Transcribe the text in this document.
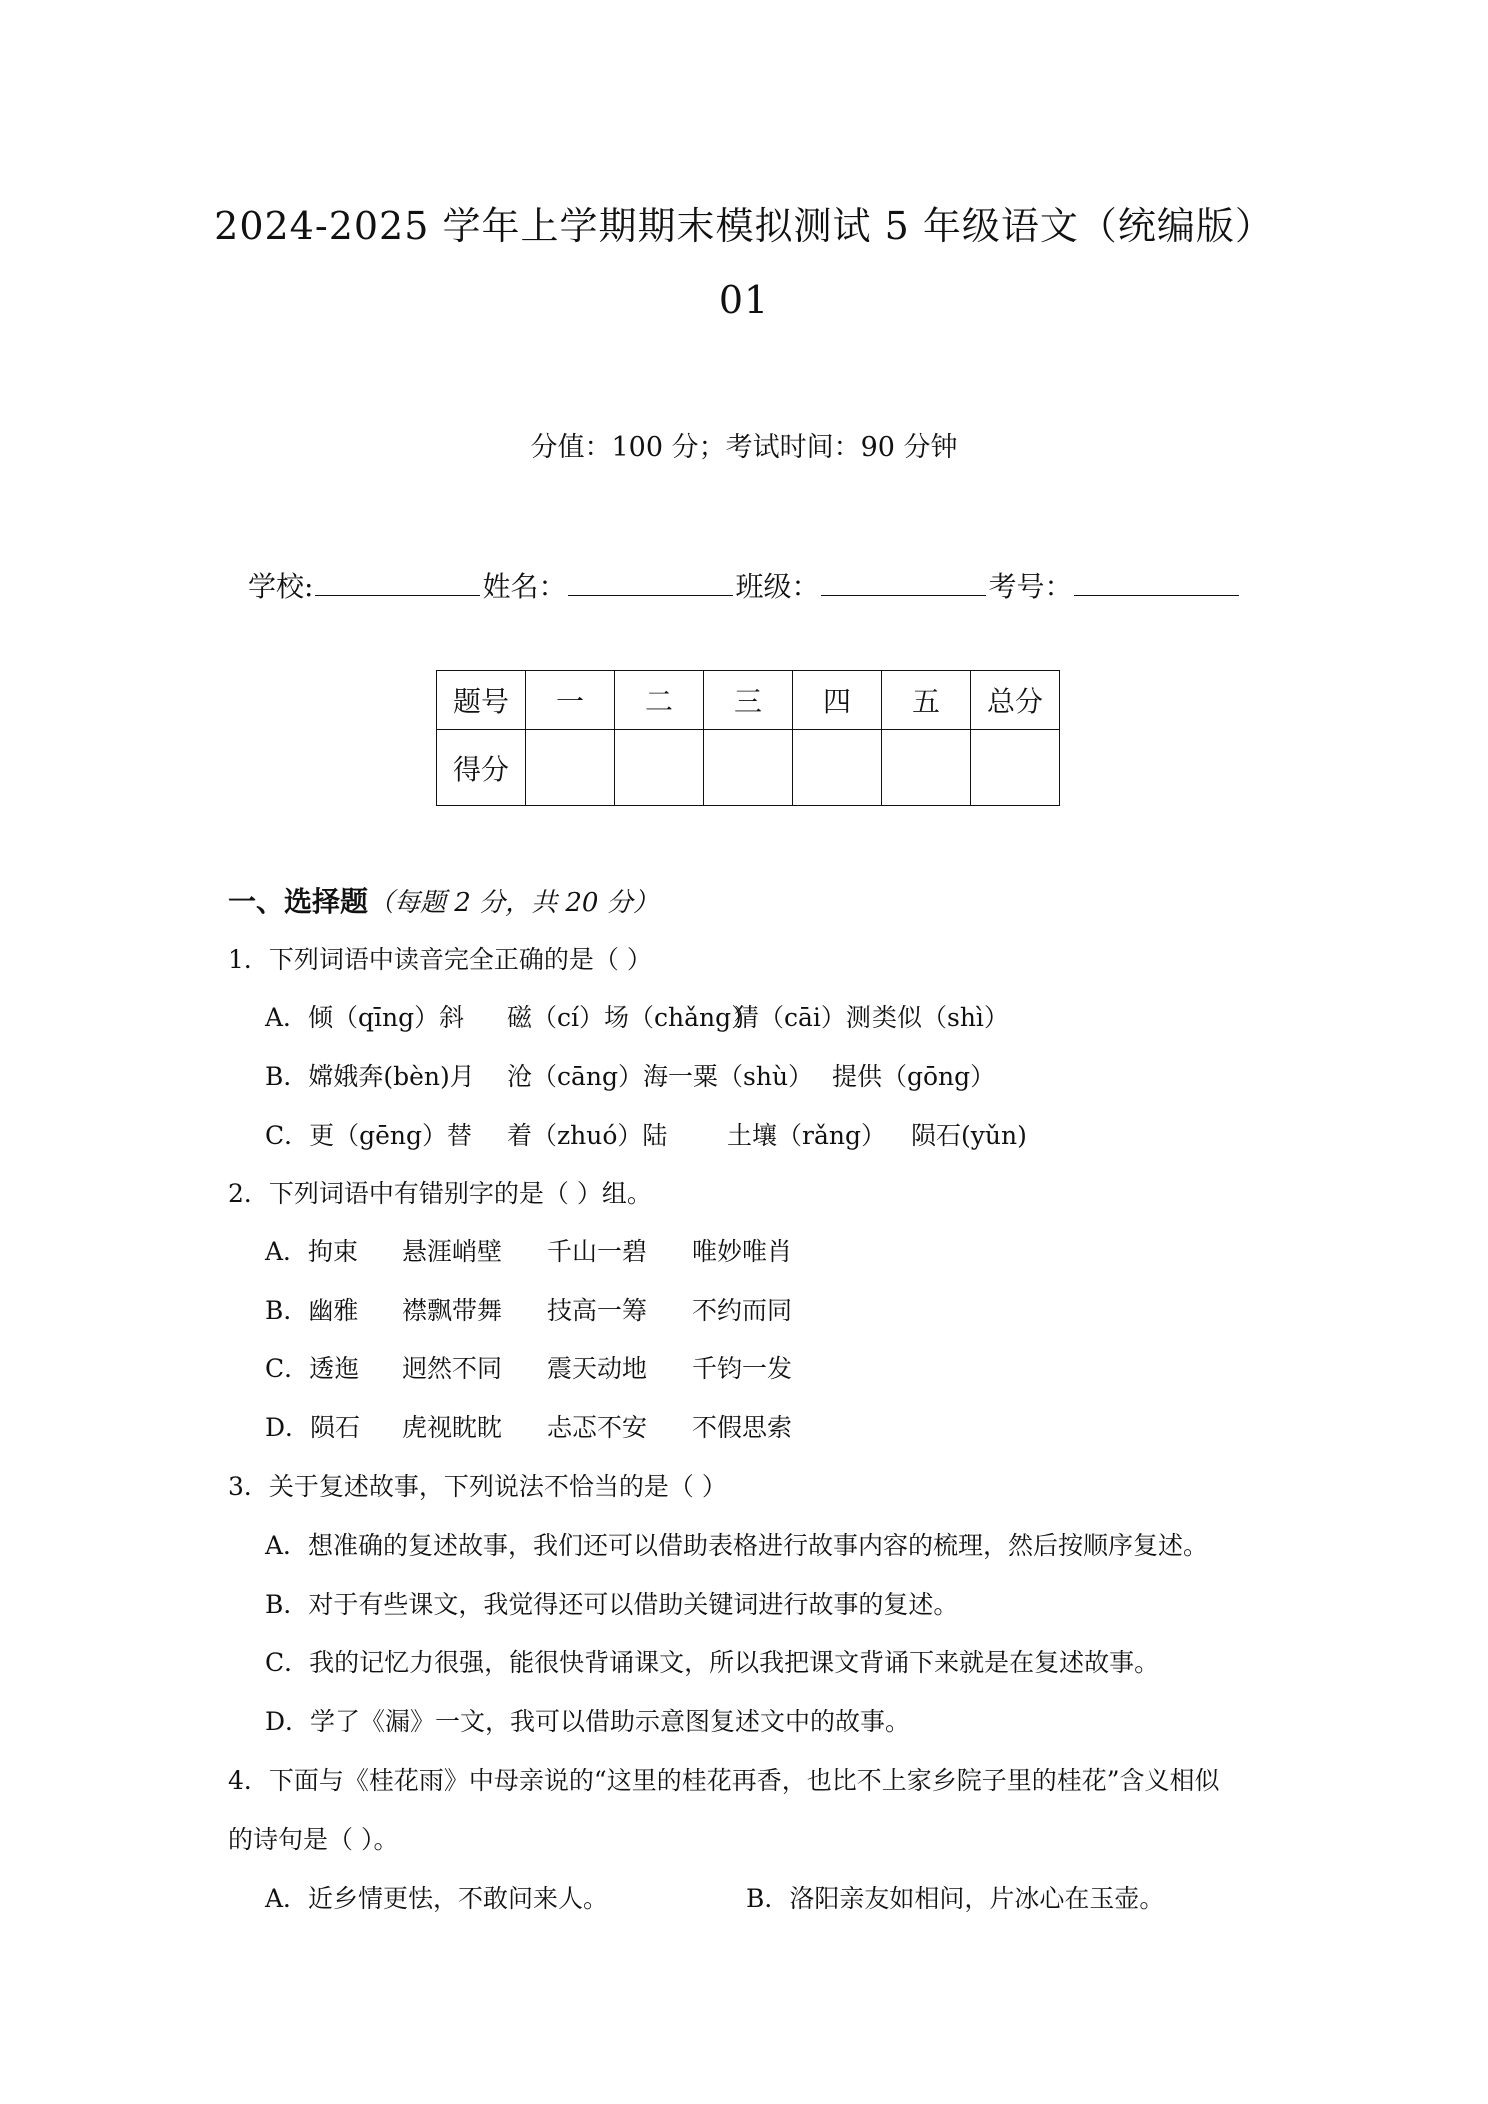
2024-2025 学年上学期期末模拟测试 5 年级语文（统编版）
01
分值：100 分；考试时间：90 分钟
学校:	姓名：	班级：	考号：
题号	一	二	三	四	五	总分
得分						
一、选择题（每题 2 分，共 20 分）
1．下列词语中读音完全正确的是（ ）
A．倾（qīng）斜 磁（cí）场（chǎng）猜（cāi）测类似（shì）
B．嫦娥奔(bèn)月 沧（cāng）海一粟（shù） 提供（gōng）
C．更（gēng）替 着（zhuó）陆 土壤（rǎng） 陨石(yǔn)
2．下列词语中有错别字的是（ ）组。
A．拘束 悬涯峭壁 千山一碧 唯妙唯肖
B．幽雅 襟飘带舞 技高一筹 不约而同
C．透迤 迥然不同 震天动地 千钧一发
D．陨石 虎视眈眈 忐忑不安 不假思索
3．关于复述故事，下列说法不恰当的是（ ）
A．想准确的复述故事，我们还可以借助表格进行故事内容的梳理，然后按顺序复述。
B．对于有些课文，我觉得还可以借助关键词进行故事的复述。
C．我的记忆力很强，能很快背诵课文，所以我把课文背诵下来就是在复述故事。
D．学了《漏》一文，我可以借助示意图复述文中的故事。
4．下面与《桂花雨》中母亲说的“这里的桂花再香，也比不上家乡院子里的桂花”含义相似
的诗句是（ ）。
A．近乡情更怯，不敢问来人。	B．洛阳亲友如相问，片冰心在玉壶。
